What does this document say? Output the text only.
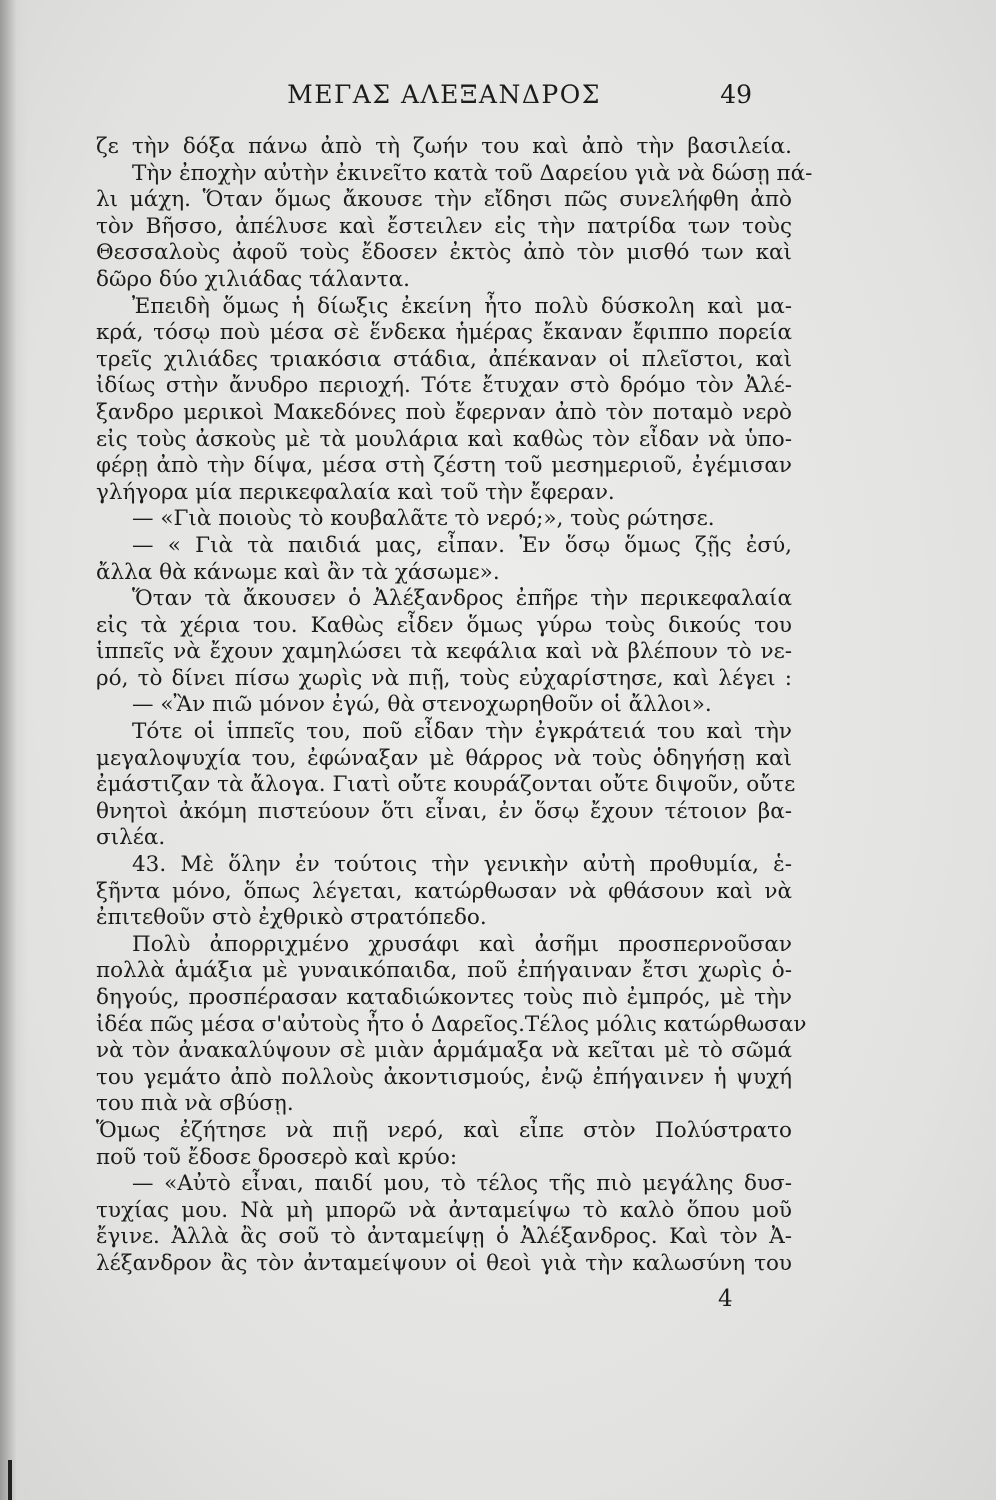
ΜΕΓΑΣ ΑΛΕΞΑΝΔΡΟΣ	49
ζε τὴν δόξα πάνω ἀπὸ τὴ ζωήν του καὶ ἀπὸ τὴν βασιλεία.
Τὴν ἐποχὴν αὐτὴν ἐκινεῖτο κατὰ τοῦ Δαρείου γιὰ νὰ δώσῃ πά-
λι μάχη. Ὅταν ὅμως ἄκουσε τὴν εἴδησι πῶς συνελήφθη ἀπὸ
τὸν Βῆσσο, ἀπέλυσε καὶ ἔστειλεν εἰς τὴν πατρίδα των τοὺς
Θεσσαλοὺς ἀφοῦ τοὺς ἔδοσεν ἐκτὸς ἀπὸ τὸν μισθό των καὶ
δῶρο δύο χιλιάδας τάλαντα.
Ἐπειδὴ ὅμως ἡ δίωξις ἐκείνη ἦτο πολὺ δύσκολη καὶ μα-
κρά, τόσῳ ποὺ μέσα σὲ ἕνδεκα ἡμέρας ἔκαναν ἔφιππο πορεία
τρεῖς χιλιάδες τριακόσια στάδια, ἀπέκαναν οἱ πλεῖστοι, καὶ
ἰδίως στὴν ἄνυδρο περιοχή. Τότε ἔτυχαν στὸ δρόμο τὸν Ἀλέ-
ξανδρο μερικοὶ Μακεδόνες ποὺ ἔφερναν ἀπὸ τὸν ποταμὸ νερὸ
εἰς τοὺς ἀσκοὺς μὲ τὰ μουλάρια καὶ καθὼς τὸν εἶδαν νὰ ὑπο-
φέρῃ ἀπὸ τὴν δίψα, μέσα στὴ ζέστη τοῦ μεσημεριοῦ, ἐγέμισαν
γλήγορα μία περικεφαλαία καὶ τοῦ τὴν ἔφεραν.
— «Γιὰ ποιοὺς τὸ κουβαλᾶτε τὸ νερό;», τοὺς ρώτησε.
— « Γιὰ τὰ παιδιά μας, εἶπαν. Ἐν ὅσῳ ὅμως ζῇς ἐσύ,
ἄλλα θὰ κάνωμε καὶ ἂν τὰ χάσωμε».
Ὅταν τὰ ἄκουσεν ὁ Ἀλέξανδρος ἐπῆρε τὴν περικεφαλαία
εἰς τὰ χέρια του. Καθὼς εἶδεν ὅμως γύρω τοὺς δικούς του
ἱππεῖς νὰ ἔχουν χαμηλώσει τὰ κεφάλια καὶ νὰ βλέπουν τὸ νε-
ρό, τὸ δίνει πίσω χωρὶς νὰ πιῇ, τοὺς εὐχαρίστησε, καὶ λέγει :
— «Ἂν πιῶ μόνον ἐγώ, θὰ στενοχωρηθοῦν οἱ ἄλλοι».
Τότε οἱ ἱππεῖς του, ποῦ εἶδαν τὴν ἐγκράτειά του καὶ τὴν
μεγαλοψυχία του, ἐφώναξαν μὲ θάρρος νὰ τοὺς ὁδηγήσῃ καὶ
ἐμάστιζαν τὰ ἄλογα. Γιατὶ οὔτε κουράζονται οὔτε διψοῦν, οὔτε
θνητοὶ ἀκόμη πιστεύουν ὅτι εἶναι, ἐν ὅσῳ ἔχουν τέτοιον βα-
σιλέα.
43. Μὲ ὅλην ἐν τούτοις τὴν γενικὴν αὐτὴ προθυμία, ἑ-
ξῆντα μόνο, ὅπως λέγεται, κατώρθωσαν νὰ φθάσουν καὶ νὰ
ἐπιτεθοῦν στὸ ἐχθρικὸ στρατόπεδο.
Πολὺ ἀπορριχμένο χρυσάφι καὶ ἀσῆμι προσπερνοῦσαν
πολλὰ ἁμάξια μὲ γυναικόπαιδα, ποῦ ἐπήγαιναν ἔτσι χωρὶς ὁ-
δηγούς, προσπέρασαν καταδιώκοντες τοὺς πιὸ ἐμπρός, μὲ τὴν
ἰδέα πῶς μέσα σ'αὐτοὺς ἦτο ὁ Δαρεῖος.Τέλος μόλις κατώρθωσαν
νὰ τὸν ἀνακαλύψουν σὲ μιὰν ἁρμάμαξα νὰ κεῖται μὲ τὸ σῶμά
του γεμάτο ἀπὸ πολλοὺς ἀκοντισμούς, ἐνῷ ἐπήγαινεν ἡ ψυχή
του πιὰ νὰ σβύσῃ.
Ὅμως ἐζήτησε νὰ πιῇ νερό, καὶ εἶπε στὸν Πολύστρατο
ποῦ τοῦ ἔδοσε δροσερὸ καὶ κρύο:
— «Αὐτὸ εἶναι, παιδί μου, τὸ τέλος τῆς πιὸ μεγάλης δυσ-
τυχίας μου. Νὰ μὴ μπορῶ νὰ ἀνταμείψω τὸ καλὸ ὅπου μοῦ
ἔγινε. Ἀλλὰ ἂς σοῦ τὸ ἀνταμείψῃ ὁ Ἀλέξανδρος. Καὶ τὸν Ἀ-
λέξανδρον ἂς τὸν ἀνταμείψουν οἱ θεοὶ γιὰ τὴν καλωσύνη του
4
